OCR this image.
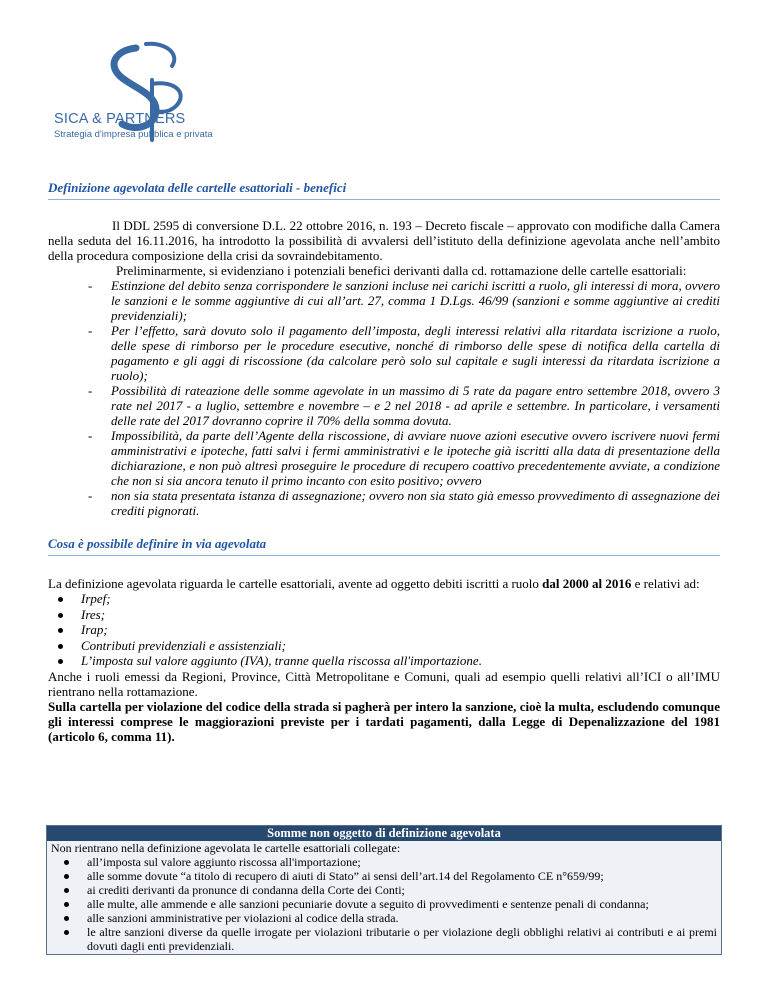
SICA & PARTNERS
Strategia d'impresa pubblica e privata
Definizione agevolata delle cartelle esattoriali - benefici

Il DDL 2595 di conversione D.L. 22 ottobre 2016, n. 193 – Decreto fiscale – approvato con modifiche dalla Camera nella seduta del 16.11.2016, ha introdotto la possibilità di avvalersi dell’istituto della definizione agevolata anche nell’ambito della procedura composizione della crisi da sovraindebitamento.

Preliminarmente, si evidenziano i potenziali benefici derivanti dalla cd. rottamazione delle cartelle esattoriali:

- Estinzione del debito senza corrispondere le sanzioni incluse nei carichi iscritti a ruolo, gli interessi di mora, ovvero le sanzioni e le somme aggiuntive di cui all’art. 27, comma 1 D.Lgs. 46/99 (sanzioni e somme aggiuntive ai crediti previdenziali);
- Per l’effetto, sarà dovuto solo il pagamento dell’imposta, degli interessi relativi alla ritardata iscrizione a ruolo, delle spese di rimborso per le procedure esecutive, nonché di rimborso delle spese di notifica della cartella di pagamento e gli aggi di riscossione (da calcolare però solo sul capitale e sugli interessi da ritardata iscrizione a ruolo);
- Possibilità di rateazione delle somme agevolate in un massimo di 5 rate da pagare entro settembre 2018, ovvero 3 rate nel 2017 - a luglio, settembre e novembre – e 2 nel 2018 - ad aprile e settembre. In particolare, i versamenti delle rate del 2017 dovranno coprire il 70% della somma dovuta.
- Impossibilità, da parte dell’Agente della riscossione, di avviare nuove azioni esecutive ovvero iscrivere nuovi fermi amministrativi e ipoteche, fatti salvi i fermi amministrativi e le ipoteche già iscritti alla data di presentazione della dichiarazione, e non può altresì proseguire le procedure di recupero coattivo precedentemente avviate, a condizione che non si sia ancora tenuto il primo incanto con esito positivo; ovvero
- non sia stata presentata istanza di assegnazione; ovvero non sia stato già emesso provvedimento di assegnazione dei crediti pignorati.
Cosa è possibile definire in via agevolata

La definizione agevolata riguarda le cartelle esattoriali, avente ad oggetto debiti iscritti a ruolo dal 2000 al 2016 e relativi ad:

Irpef;
Ires;
Irap;
Contributi previdenziali e assistenziali;
L’imposta sul valore aggiunto (IVA), tranne quella riscossa all'importazione.

Anche i ruoli emessi da Regioni, Province, Città Metropolitane e Comuni, quali ad esempio quelli relativi all’ICI o all’IMU rientrano nella rottamazione.

Sulla cartella per violazione del codice della strada si pagherà per intero la sanzione, cioè la multa, escludendo comunque gli interessi comprese le maggiorazioni previste per i tardati pagamenti, dalla Legge di Depenalizzazione del 1981 (articolo 6, comma 11).

Somme non oggetto di definizione agevolata

Non rientrano nella definizione agevolata le cartelle esattoriali collegate:

all’imposta sul valore aggiunto riscossa all'importazione;
alle somme dovute “a titolo di recupero di aiuti di Stato” ai sensi dell’art.14 del Regolamento CE n°659/99;
ai crediti derivanti da pronunce di condanna della Corte dei Conti;
alle multe, alle ammende e alle sanzioni pecuniarie dovute a seguito di provvedimenti e sentenze penali di condanna;
alle sanzioni amministrative per violazioni al codice della strada.
le altre sanzioni diverse da quelle irrogate per violazioni tributarie o per violazione degli obblighi relativi ai contributi e ai premi dovuti dagli enti previdenziali.
